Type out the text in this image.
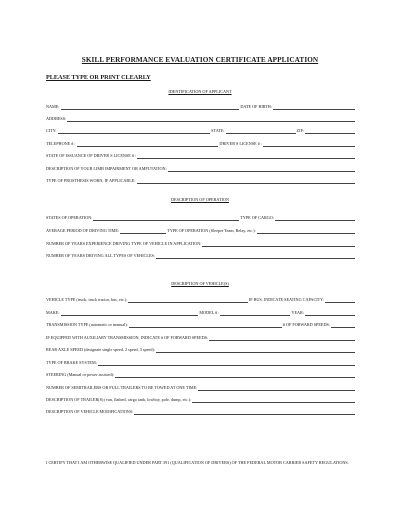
SKILL PERFORMANCE EVALUATION CERTIFICATE APPLICATION
PLEASE TYPE OR PRINT CLEARLY
IDENTIFICATION OF APPLICANT
NAME:	DATE OF BIRTH:
ADDRESS:
CITY:	STATE:	ZIP:
TELEPHONE # :	DRIVER S LICENSE # :
STATE OF ISSUANCE OF DRIVER S LICENSE # :
DESCRIPTION OF YOUR LIMB IMPAIRMENT OR AMPUTATION:
TYPE OF PROSTHESIS WORN, IF APPLICABLE:
DESCRIPTION OF OPERATION
STATES OF OPERATION:	TYPE OF CARGO:
AVERAGE PERIOD OF DRIVING TIME:	TYPE OF OPERATION (Sleeper Team, Relay, etc.):
NUMBER OF YEARS EXPERIENCE DRIVING TYPE OF VEHICLE IN APPLICATION:
NUMBER OF YEARS DRIVING ALL TYPES OF VEHICLES:
DESCRIPTION OF VEHICLE(S)
VEHICLE TYPE (truck, truck tractor, bus, etc.):	IF BUS, INDICATE SEATING CAPACITY:
MAKE:	MODEL # :	YEAR:
TRANSMISSION TYPE (automatic or manual):	# OF FORWARD SPEEDS:
IF EQUIPPED WITH AUXILIARY TRANSMISSION, INDICATE # OF FORWARD SPEEDS:
REAR AXLE SPEED (designate single speed, 2 speed, 3 speed):
TYPE OF BRAKE SYSTEM:
STEERING (Manual or power assisted):
NUMBER OF SEMITRAILERS OR FULL TRAILERS TO BE TOWED AT ONE TIME:
DESCRIPTION OF TRAILER(S) (van, flatbed, cargo tank, lowboy, pole, dump, etc.):
DESCRIPTION OF VEHICLE MODIFICATIONS:
I CERTIFY THAT I AM OTHERWISE QUALIFIED UNDER PART 391 (QUALIFICATION OF DRIVERS) OF THE FEDERAL MOTOR CARRIER SAFETY REGULATIONS.
